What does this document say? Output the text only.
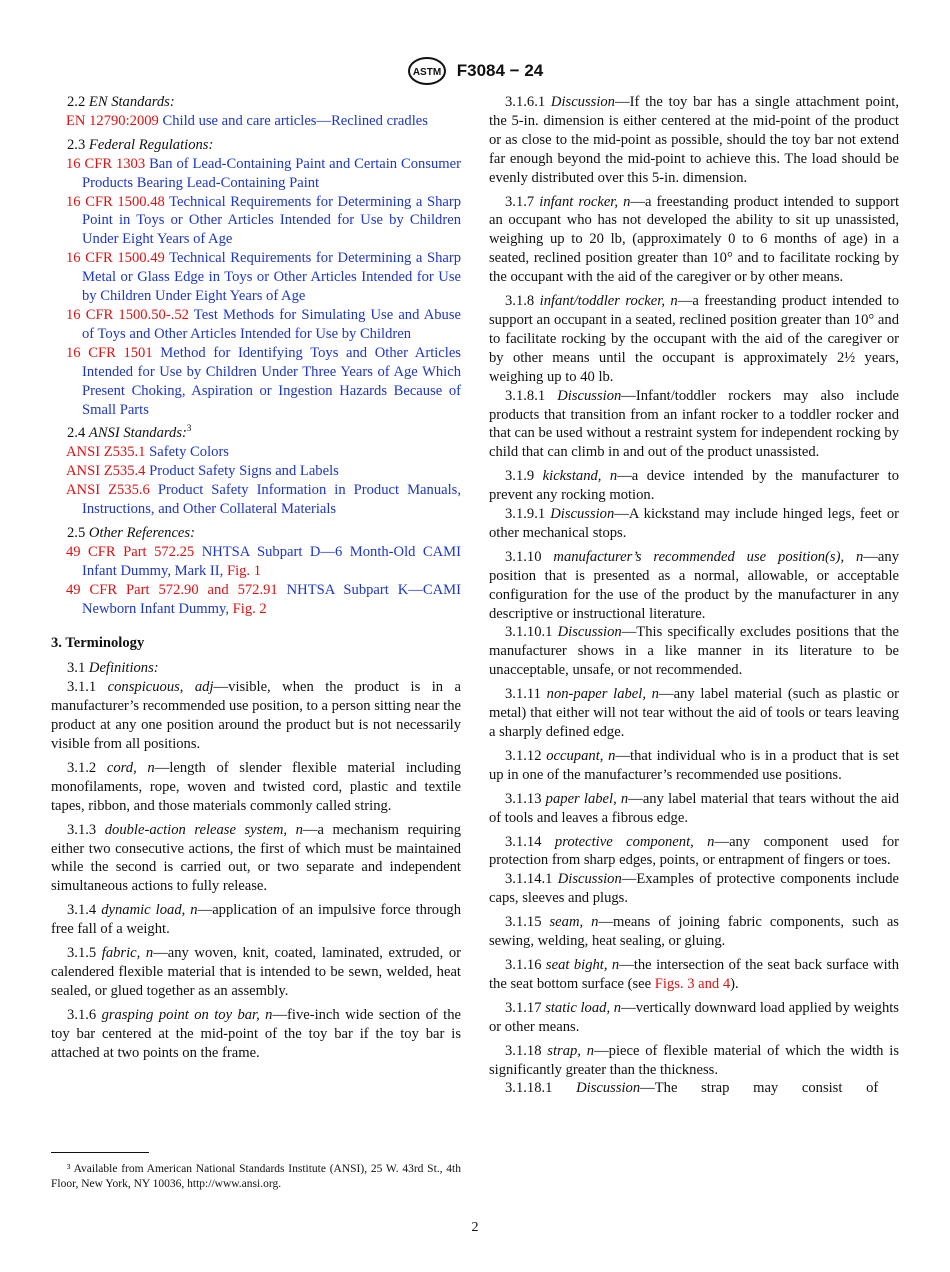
ASTM F3084 − 24

2.2 EN Standards:

EN 12790:2009 Child use and care articles—Reclined cradles

2.3 Federal Regulations:

16 CFR 1303 Ban of Lead-Containing Paint and Certain Consumer Products Bearing Lead-Containing Paint

16 CFR 1500.48 Technical Requirements for Determining a Sharp Point in Toys or Other Articles Intended for Use by Children Under Eight Years of Age

16 CFR 1500.49 Technical Requirements for Determining a Sharp Metal or Glass Edge in Toys or Other Articles Intended for Use by Children Under Eight Years of Age

16 CFR 1500.50-.52 Test Methods for Simulating Use and Abuse of Toys and Other Articles Intended for Use by Children

16 CFR 1501 Method for Identifying Toys and Other Articles Intended for Use by Children Under Three Years of Age Which Present Choking, Aspiration or Ingestion Hazards Because of Small Parts

2.4 ANSI Standards:$^3$

ANSI Z535.1 Safety Colors

ANSI Z535.4 Product Safety Signs and Labels

ANSI Z535.6 Product Safety Information in Product Manuals, Instructions, and Other Collateral Materials

2.5 Other References:

49 CFR Part 572.25 NHTSA Subpart D—6 Month-Old CAMI Infant Dummy, Mark II, Fig. 1

49 CFR Part 572.90 and 572.91 NHTSA Subpart K—CAMI Newborn Infant Dummy, Fig. 2

3. Terminology

3.1 Definitions:

3.1.1 conspicuous, adj—visible, when the product is in a manufacturer’s recommended use position, to a person sitting near the product at any one position around the product but is not necessarily visible from all positions.

3.1.2 cord, n—length of slender flexible material including monofilaments, rope, woven and twisted cord, plastic and textile tapes, ribbon, and those materials commonly called string.

3.1.3 double-action release system, n—a mechanism requiring either two consecutive actions, the first of which must be maintained while the second is carried out, or two separate and independent simultaneous actions to fully release.

3.1.4 dynamic load, n—application of an impulsive force through free fall of a weight.

3.1.5 fabric, n—any woven, knit, coated, laminated, extruded, or calendered flexible material that is intended to be sewn, welded, heat sealed, or glued together as an assembly.

3.1.6 grasping point on toy bar, n—five-inch wide section of the toy bar centered at the mid-point of the toy bar if the toy bar is attached at two points on the frame.

³ Available from American National Standards Institute (ANSI), 25 W. 43rd St., 4th Floor, New York, NY 10036, http://www.ansi.org.

3.1.6.1 Discussion—If the toy bar has a single attachment point, the 5-in. dimension is either centered at the mid-point of the product or as close to the mid-point as possible, should the toy bar not extend far enough beyond the mid-point to achieve this. The load should be evenly distributed over this 5-in. dimension.

3.1.7 infant rocker, n—a freestanding product intended to support an occupant who has not developed the ability to sit up unassisted, weighing up to 20 lb, (approximately 0 to 6 months of age) in a seated, reclined position greater than 10° and to facilitate rocking by the occupant with the aid of the caregiver or by other means.

3.1.8 infant/toddler rocker, n—a freestanding product intended to support an occupant in a seated, reclined position greater than 10° and to facilitate rocking by the occupant with the aid of the caregiver or by other means until the occupant is approximately 2½ years, weighing up to 40 lb.

3.1.8.1 Discussion—Infant/toddler rockers may also include products that transition from an infant rocker to a toddler rocker and that can be used without a restraint system for independent rocking by child that can climb in and out of the product unassisted.

3.1.9 kickstand, n—a device intended by the manufacturer to prevent any rocking motion.

3.1.9.1 Discussion—A kickstand may include hinged legs, feet or other mechanical stops.

3.1.10 manufacturer’s recommended use position(s), n—any position that is presented as a normal, allowable, or acceptable configuration for the use of the product by the manufacturer in any descriptive or instructional literature.

3.1.10.1 Discussion—This specifically excludes positions that the manufacturer shows in a like manner in its literature to be unacceptable, unsafe, or not recommended.

3.1.11 non-paper label, n—any label material (such as plastic or metal) that either will not tear without the aid of tools or tears leaving a sharply defined edge.

3.1.12 occupant, n—that individual who is in a product that is set up in one of the manufacturer’s recommended use positions.

3.1.13 paper label, n—any label material that tears without the aid of tools and leaves a fibrous edge.

3.1.14 protective component, n—any component used for protection from sharp edges, points, or entrapment of fingers or toes.

3.1.14.1 Discussion—Examples of protective components include caps, sleeves and plugs.

3.1.15 seam, n—means of joining fabric components, such as sewing, welding, heat sealing, or gluing.

3.1.16 seat bight, n—the intersection of the seat back surface with the seat bottom surface (see Figs. 3 and 4).

3.1.17 static load, n—vertically downward load applied by weights or other means.

3.1.18 strap, n—piece of flexible material of which the width is significantly greater than the thickness.

3.1.18.1 Discussion—The strap may consist of

2
